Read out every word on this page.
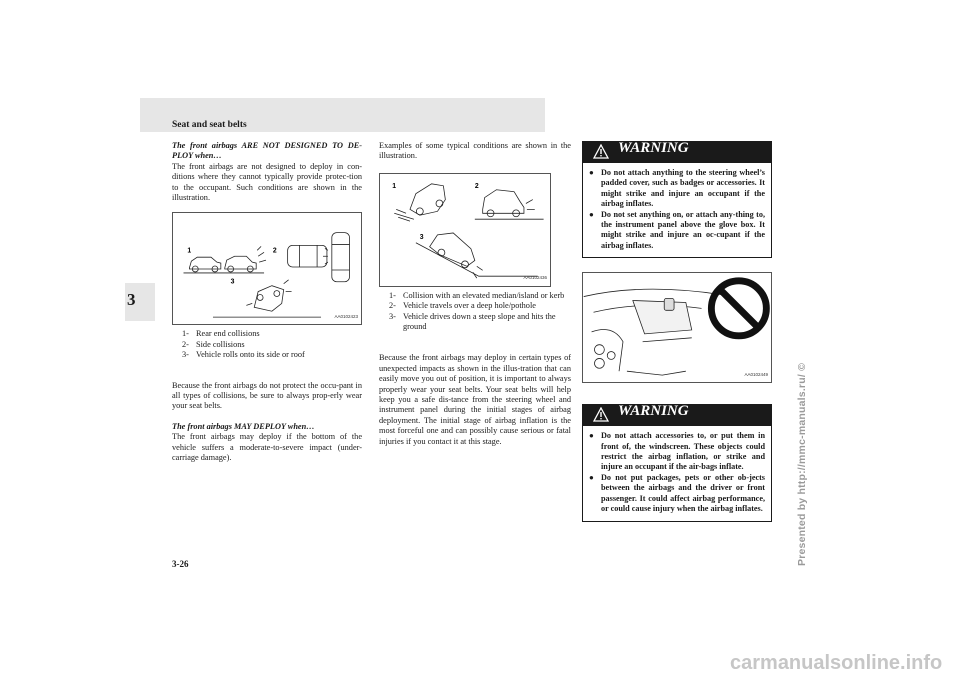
Seat and seat belts
3

The front airbags ARE NOT DESIGNED TO DE-PLOY when…

The front airbags are not designed to deploy in con-ditions where they cannot typically provide protec-tion to the occupant. Such conditions are shown in the illustration.

1	2
3
AA0102423
1- Rear end collisions
2- Side collisions
3- Vehicle rolls onto its side or roof

Because the front airbags do not protect the occu-pant in all types of collisions, be sure to always prop-erly wear your seat belts.

The front airbags MAY DEPLOY when…

The front airbags may deploy if the bottom of the vehicle suffers a moderate-to-severe impact (under-carriage damage).

Examples of some typical conditions are shown in the illustration.

1	2
3
AA0102436
1- Collision with an elevated median/island or kerb
2- Vehicle travels over a deep hole/pothole
3- Vehicle drives down a steep slope and hits the ground

Because the front airbags may deploy in certain types of unexpected impacts as shown in the illus-tration that can easily move you out of position, it is important to always properly wear your seat belts. Your seat belts will help keep you a safe dis-tance from the steering wheel and instrument panel during the initial stages of airbag deployment. The initial stage of airbag inflation is the most forceful one and can possibly cause serious or fatal injuries if you contact it at this stage.

WARNING
● Do not attach anything to the steering wheel’s padded cover, such as badges or accessories. It might strike and injure an occupant if the airbag inflates.
● Do not set anything on, or attach any-thing to, the instrument panel above the glove box. It might strike and injure an oc-cupant if the airbag inflates.
AA0102449
WARNING
● Do not attach accessories to, or put them in front of, the windscreen. These objects could restrict the airbag inflation, or strike and injure an occupant if the air-bags inflate.
● Do not put packages, pets or other ob-jects between the airbags and the driver or front passenger. It could affect airbag performance, or could cause injury when the airbag inflates.
3-26	Presented by http://mmc-manuals.ru/ ©
carmanualsonline.info
